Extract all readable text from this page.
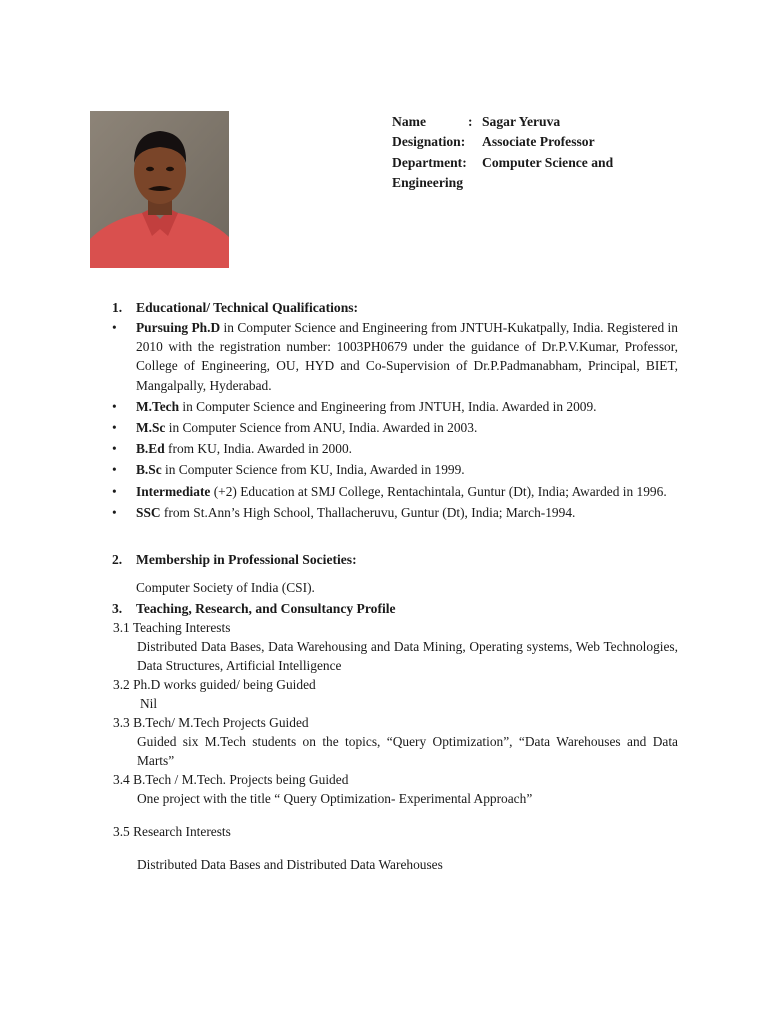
Name	: Sagar Yeruva
Designation:	Associate Professor
Department:	Computer Science and
Engineering
1. Educational/ Technical Qualifications:
• Pursuing Ph.D in Computer Science and Engineering from JNTUH-Kukatpally, India. Registered in 2010 with the registration number: 1003PH0679 under the guidance of Dr.P.V.Kumar, Professor, College of Engineering, OU, HYD and Co-Supervision of Dr.P.Padmanabham, Principal, BIET, Mangalpally, Hyderabad.
• M.Tech in Computer Science and Engineering from JNTUH, India. Awarded in 2009.
• M.Sc in Computer Science from ANU, India. Awarded in 2003.
• B.Ed from KU, India. Awarded in 2000.
• B.Sc in Computer Science from KU, India, Awarded in 1999.
• Intermediate (+2) Education at SMJ College, Rentachintala, Guntur (Dt), India; Awarded in 1996.
• SSC from St.Ann’s High School, Thallacheruvu, Guntur (Dt), India; March-1994.
2. Membership in Professional Societies:
Computer Society of India (CSI).
3. Teaching, Research, and Consultancy Profile
3.1 Teaching Interests
Distributed Data Bases, Data Warehousing and Data Mining, Operating systems, Web Technologies, Data Structures, Artificial Intelligence
3.2 Ph.D works guided/ being Guided
Nil
3.3 B.Tech/ M.Tech Projects Guided
Guided six M.Tech students on the topics, “Query Optimization”, “Data Warehouses and Data Marts”
3.4 B.Tech / M.Tech. Projects being Guided
One project with the title “ Query Optimization- Experimental Approach”
3.5 Research Interests
Distributed Data Bases and Distributed Data Warehouses
